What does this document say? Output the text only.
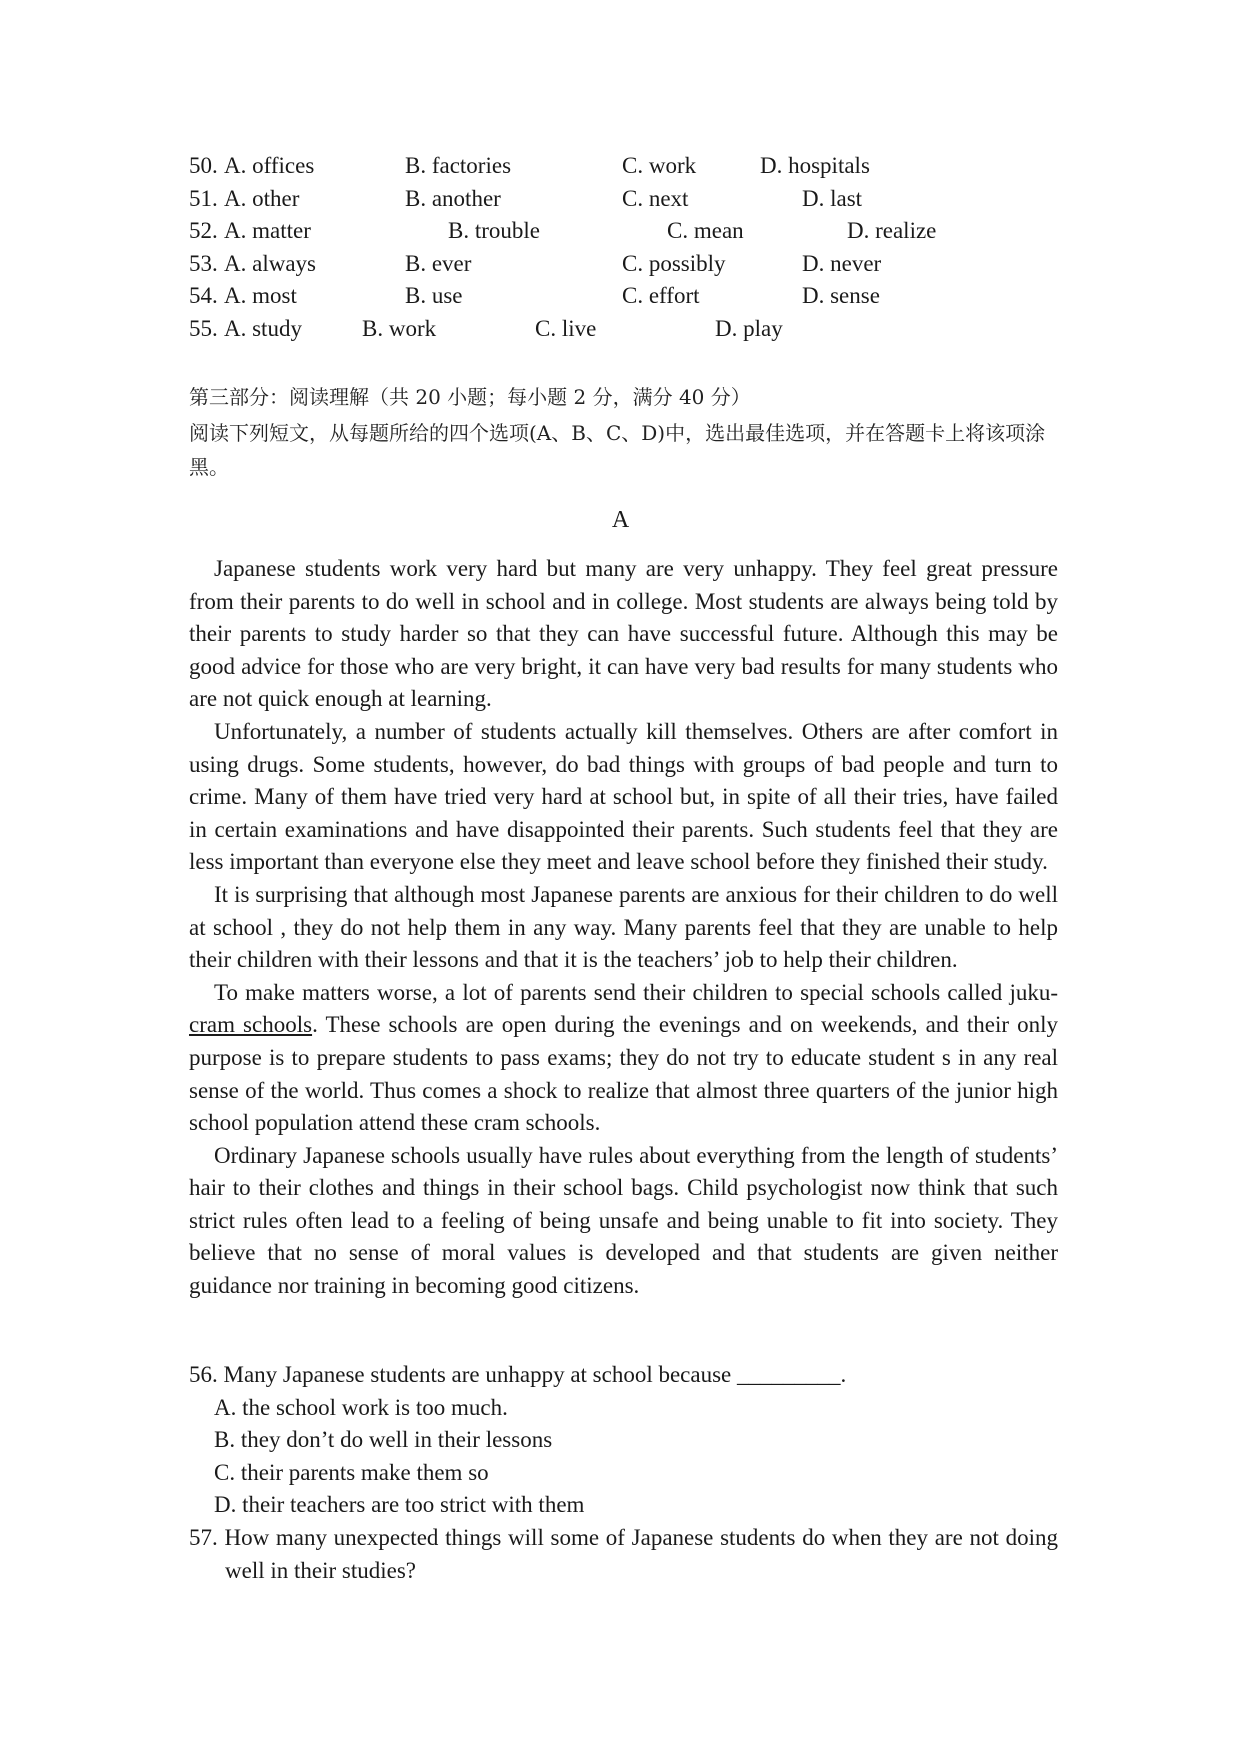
50. A. offices	B. factories	C. work	D. hospitals
51. A. other	B. another	C. next	D. last
52. A. matter	B. trouble	C. mean	D. realize
53. A. always	B. ever	C. possibly	D. never
54. A. most	B. use	C. effort	D. sense
55. A. study	B. work	C. live	D. play
第三部分：阅读理解（共 20 小题；每小题 2 分，满分 40 分）
阅读下列短文，从每题所给的四个选项(A、B、C、D)中，选出最佳选项，并在答题卡上将该项涂黑。
A

Japanese students work very hard but many are very unhappy. They feel great pressure from their parents to do well in school and in college. Most students are always being told by their parents to study harder so that they can have successful future. Although this may be good advice for those who are very bright, it can have very bad results for many students who are not quick enough at learning.

Unfortunately, a number of students actually kill themselves. Others are after comfort in using drugs. Some students, however, do bad things with groups of bad people and turn to crime. Many of them have tried very hard at school but, in spite of all their tries, have failed in certain examinations and have disappointed their parents. Such students feel that they are less important than everyone else they meet and leave school before they finished their study.

It is surprising that although most Japanese parents are anxious for their children to do well at school , they do not help them in any way. Many parents feel that they are unable to help their children with their lessons and that it is the teachers’ job to help their children.

To make matters worse, a lot of parents send their children to special schools called juku-cram schools. These schools are open during the evenings and on weekends, and their only purpose is to prepare students to pass exams; they do not try to educate student s in any real sense of the world. Thus comes a shock to realize that almost three quarters of the junior high school population attend these cram schools.

Ordinary Japanese schools usually have rules about everything from the length of students’ hair to their clothes and things in their school bags. Child psychologist now think that such strict rules often lead to a feeling of being unsafe and being unable to fit into society. They believe that no sense of moral values is developed and that students are given neither guidance nor training in becoming good citizens.

56. Many Japanese students are unhappy at school because _________.

A. the school work is too much.

B. they don’t do well in their lessons

C. their parents make them so

D. their teachers are too strict with them

57. How many unexpected things will some of Japanese students do when they are not doing well in their studies?
